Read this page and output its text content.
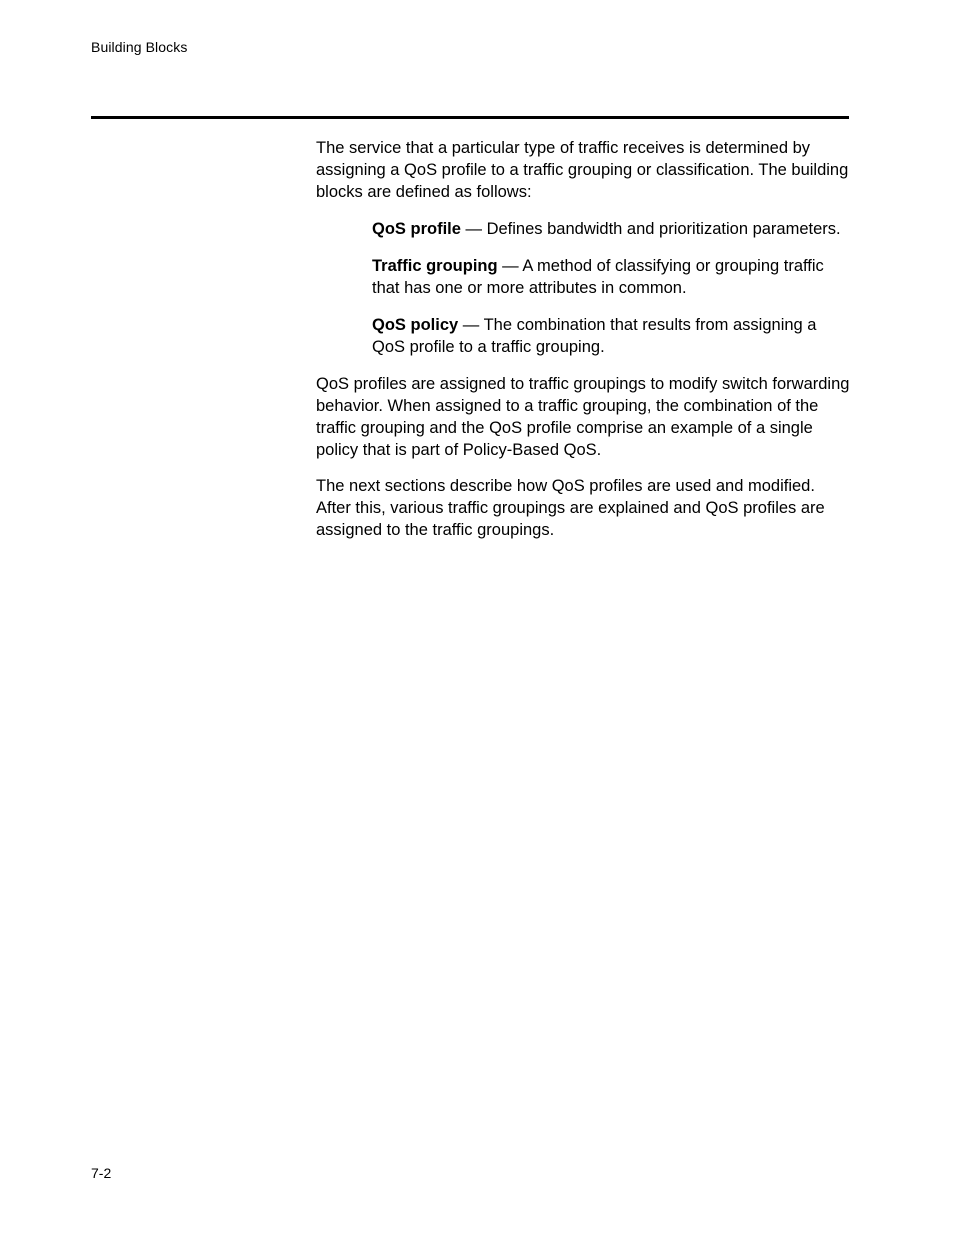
Building Blocks

The service that a particular type of traffic receives is determined by assigning a QoS profile to a traffic grouping or classification. The building blocks are defined as follows:

QoS profile — Defines bandwidth and prioritization parameters.
Traffic grouping — A method of classifying or grouping traffic that has one or more attributes in common.
QoS policy — The combination that results from assigning a QoS profile to a traffic grouping.

QoS profiles are assigned to traffic groupings to modify switch forwarding behavior. When assigned to a traffic grouping, the combination of the traffic grouping and the QoS profile comprise an example of a single policy that is part of Policy-Based QoS.

The next sections describe how QoS profiles are used and modified. After this, various traffic groupings are explained and QoS profiles are assigned to the traffic groupings.

7-2
